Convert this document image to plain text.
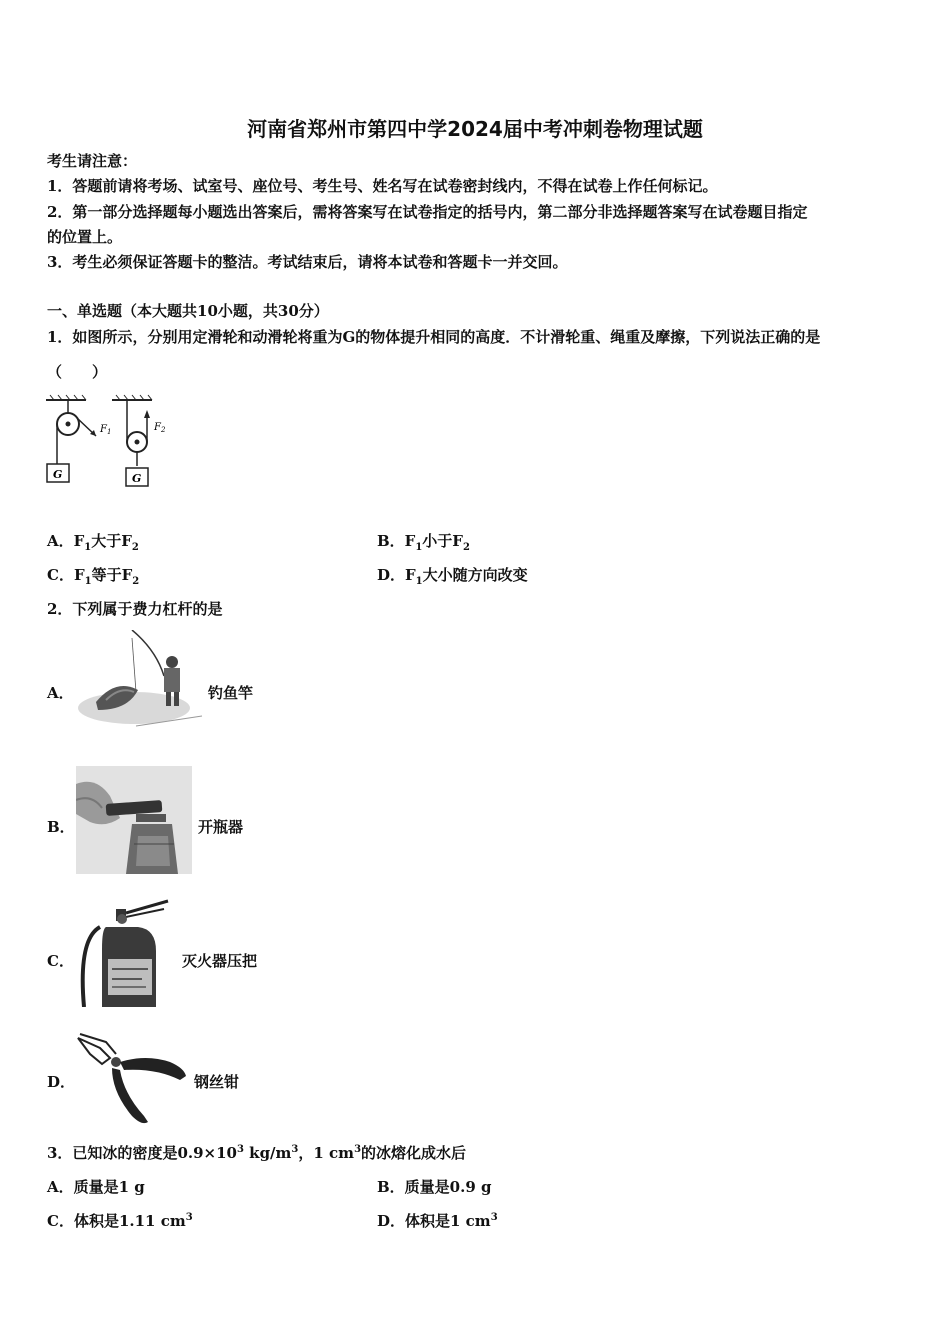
河南省郑州市第四中学2024届中考冲刺卷物理试题
考生请注意：
1．答题前请将考场、试室号、座位号、考生号、姓名写在试卷密封线内，不得在试卷上作任何标记。
2．第一部分选择题每小题选出答案后，需将答案写在试卷指定的括号内，第二部分非选择题答案写在试卷题目指定
的位置上。
3．考生必须保证答题卡的整洁。考试结束后，请将本试卷和答题卡一并交回。
一、单选题（本大题共10小题，共30分）
1．如图所示，分别用定滑轮和动滑轮将重为G的物体提升相同的高度．不计滑轮重、绳重及摩擦，下列说法正确的是
（　　）
$F_1$
G
$F_2$
G
A．$F_1$大于$F_2$	B．$F_1$小于$F_2$
C．$F_1$等于$F_2$	D．$F_1$大小随方向改变
2．下列属于费力杠杆的是
A．	钓鱼竿
B．	开瓶器
C．	灭火器压把
D．	钢丝钳
3．已知冰的密度是$0.9\times 10^3$ $kg/m^3$，1 $cm^3$的冰熔化成水后
A．质量是1 g	B．质量是0.9 g
C．体积是1.11 $cm^3$	D．体积是1 $cm^3$
